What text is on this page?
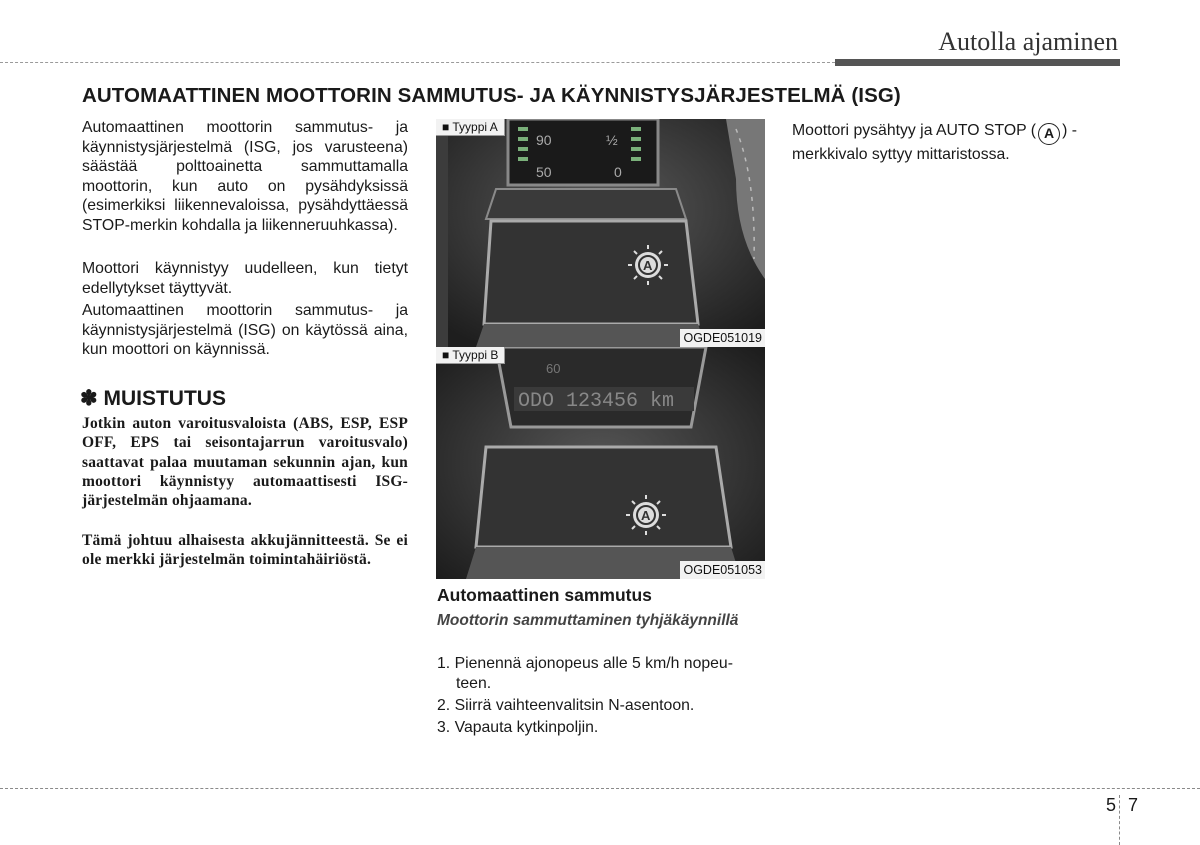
Autolla ajaminen
AUTOMAATTINEN MOOTTORIN SAMMUTUS- JA KÄYNNISTYSJÄRJESTELMÄ (ISG)
Automaattinen moottorin sammutus- ja käynnistysjärjestelmä (ISG, jos varusteena) säästää polttoainetta sammuttamalla moottorin, kun auto on pysähdyksissä (esimerkiksi liikennevaloissa, pysähdyttäessä STOP-merkin kohdalla ja liikenneruuhkassa).
Moottori käynnistyy uudelleen, kun tietyt edellytykset täyttyvät.
Automaattinen moottorin sammutus- ja käynnistysjärjestelmä (ISG) on käytössä aina, kun moottori on käynnissä.
✽ MUISTUTUS
Jotkin auton varoitusvaloista (ABS, ESP, ESP OFF, EPS tai seisontajarrun varoitusvalo) saattavat palaa muutaman sekunnin ajan, kun moottori käynnistyy automaattisesti ISG-järjestelmän ohjaamana.
Tämä johtuu alhaisesta akkujännitteestä. Se ei ole merkki järjestelmän toimintahäiriöstä.
90
50	0
½
A
■ Tyyppi A
OGDE051019
60
ODO 123456 km
A
■ Tyyppi B
OGDE051053
Automaattinen sammutus
Moottorin sammuttaminen tyhjäkäynnillä
1. Pienennä ajonopeus alle 5 km/h nopeu-
teen.
2. Siirrä vaihteenvalitsin N-asentoon.
3. Vapauta kytkinpoljin.
Moottori pysähtyy ja AUTO STOP ( A ) -merkkivalo syttyy mittaristossa.
5 7
